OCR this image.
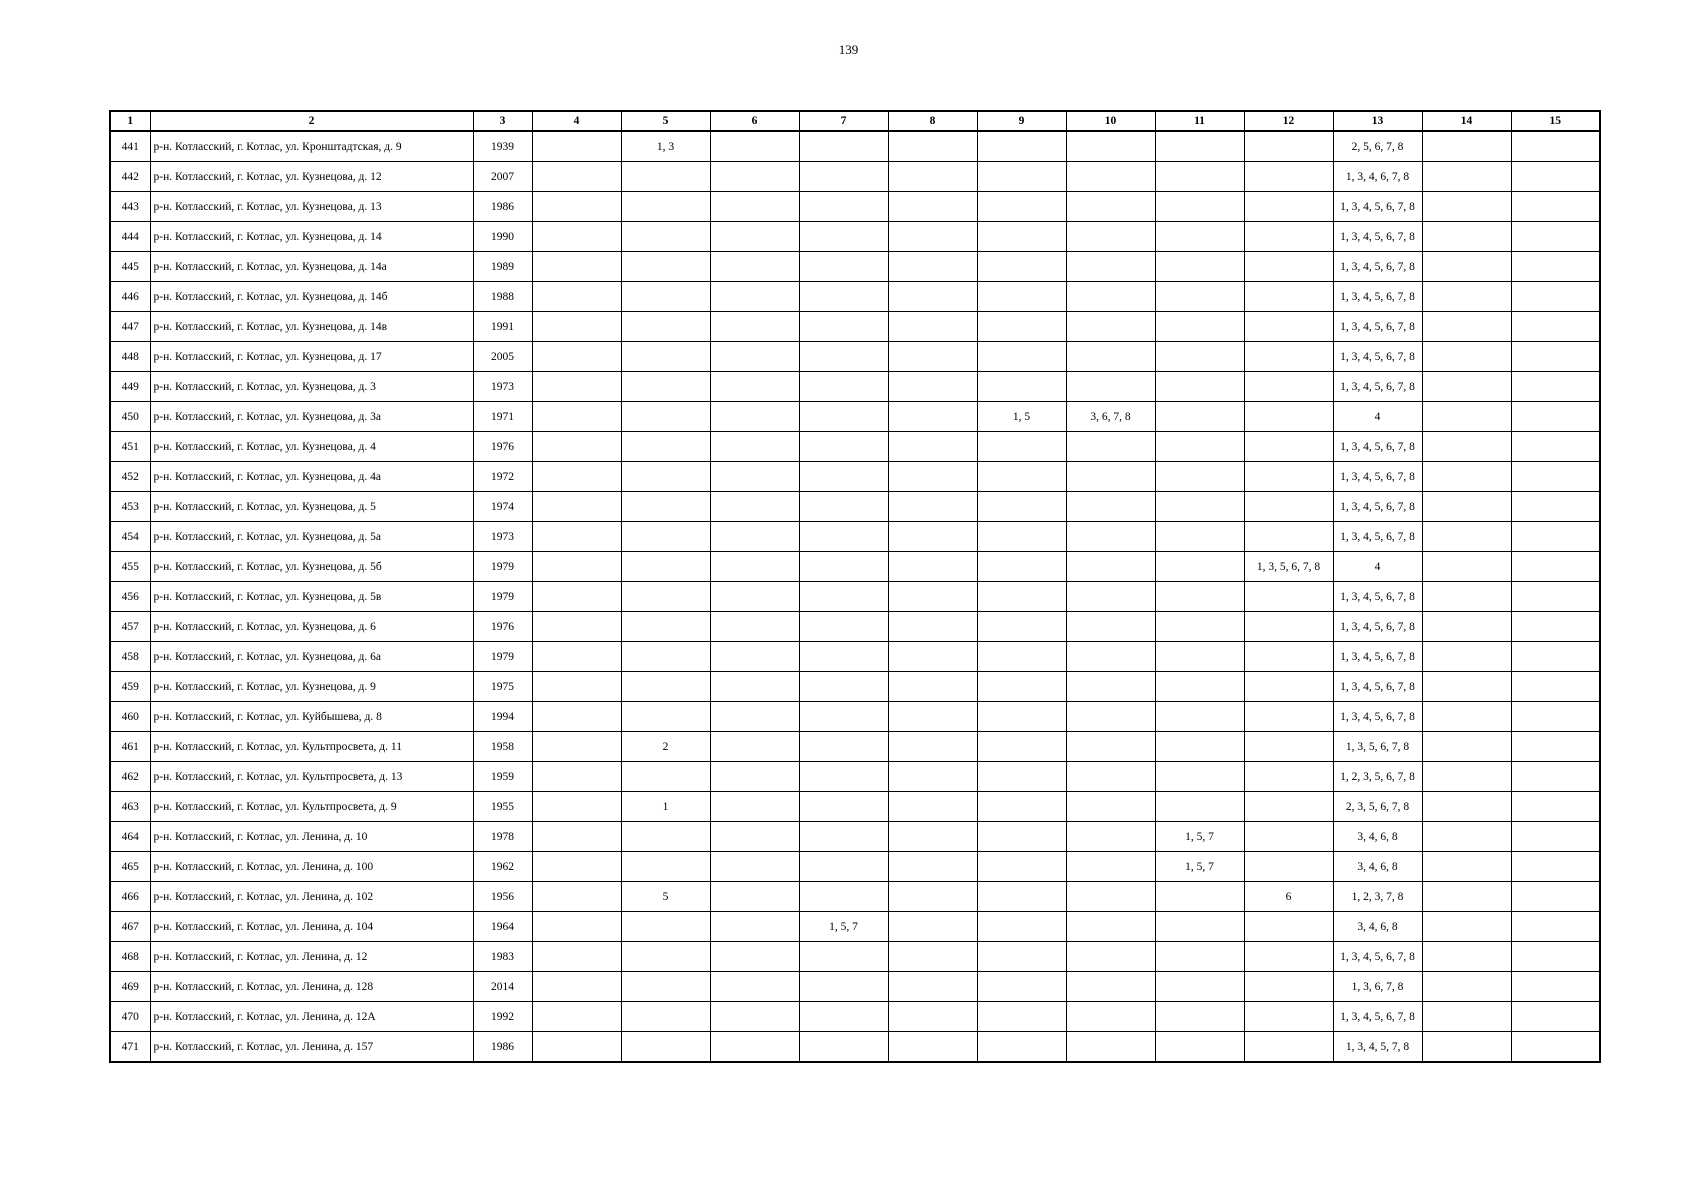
139
1	2	3	4	5	6	7	8	9	10	11	12	13	14	15
441	р-н. Котласский, г. Котлас, ул. Кронштадтская, д. 9	1939		1, 3								2, 5, 6, 7, 8		
442	р-н. Котласский, г. Котлас, ул. Кузнецова, д. 12	2007										1, 3, 4, 6, 7, 8		
443	р-н. Котласский, г. Котлас, ул. Кузнецова, д. 13	1986										1, 3, 4, 5, 6, 7, 8		
444	р-н. Котласский, г. Котлас, ул. Кузнецова, д. 14	1990										1, 3, 4, 5, 6, 7, 8		
445	р-н. Котласский, г. Котлас, ул. Кузнецова, д. 14а	1989										1, 3, 4, 5, 6, 7, 8		
446	р-н. Котласский, г. Котлас, ул. Кузнецова, д. 14б	1988										1, 3, 4, 5, 6, 7, 8		
447	р-н. Котласский, г. Котлас, ул. Кузнецова, д. 14в	1991										1, 3, 4, 5, 6, 7, 8		
448	р-н. Котласский, г. Котлас, ул. Кузнецова, д. 17	2005										1, 3, 4, 5, 6, 7, 8		
449	р-н. Котласский, г. Котлас, ул. Кузнецова, д. 3	1973										1, 3, 4, 5, 6, 7, 8		
450	р-н. Котласский, г. Котлас, ул. Кузнецова, д. 3а	1971						1, 5	3, 6, 7, 8			4		
451	р-н. Котласский, г. Котлас, ул. Кузнецова, д. 4	1976										1, 3, 4, 5, 6, 7, 8		
452	р-н. Котласский, г. Котлас, ул. Кузнецова, д. 4а	1972										1, 3, 4, 5, 6, 7, 8		
453	р-н. Котласский, г. Котлас, ул. Кузнецова, д. 5	1974										1, 3, 4, 5, 6, 7, 8		
454	р-н. Котласский, г. Котлас, ул. Кузнецова, д. 5а	1973										1, 3, 4, 5, 6, 7, 8		
455	р-н. Котласский, г. Котлас, ул. Кузнецова, д. 5б	1979									1, 3, 5, 6, 7, 8	4		
456	р-н. Котласский, г. Котлас, ул. Кузнецова, д. 5в	1979										1, 3, 4, 5, 6, 7, 8		
457	р-н. Котласский, г. Котлас, ул. Кузнецова, д. 6	1976										1, 3, 4, 5, 6, 7, 8		
458	р-н. Котласский, г. Котлас, ул. Кузнецова, д. 6а	1979										1, 3, 4, 5, 6, 7, 8		
459	р-н. Котласский, г. Котлас, ул. Кузнецова, д. 9	1975										1, 3, 4, 5, 6, 7, 8		
460	р-н. Котласский, г. Котлас, ул. Куйбышева, д. 8	1994										1, 3, 4, 5, 6, 7, 8		
461	р-н. Котласский, г. Котлас, ул. Культпросвета, д. 11	1958		2								1, 3, 5, 6, 7, 8		
462	р-н. Котласский, г. Котлас, ул. Культпросвета, д. 13	1959										1, 2, 3, 5, 6, 7, 8		
463	р-н. Котласский, г. Котлас, ул. Культпросвета, д. 9	1955		1								2, 3, 5, 6, 7, 8		
464	р-н. Котласский, г. Котлас, ул. Ленина, д. 10	1978								1, 5, 7		3, 4, 6, 8		
465	р-н. Котласский, г. Котлас, ул. Ленина, д. 100	1962								1, 5, 7		3, 4, 6, 8		
466	р-н. Котласский, г. Котлас, ул. Ленина, д. 102	1956		5							6	1, 2, 3, 7, 8		
467	р-н. Котласский, г. Котлас, ул. Ленина, д. 104	1964				1, 5, 7						3, 4, 6, 8		
468	р-н. Котласский, г. Котлас, ул. Ленина, д. 12	1983										1, 3, 4, 5, 6, 7, 8		
469	р-н. Котласский, г. Котлас, ул. Ленина, д. 128	2014										1, 3, 6, 7, 8		
470	р-н. Котласский, г. Котлас, ул. Ленина, д. 12А	1992										1, 3, 4, 5, 6, 7, 8		
471	р-н. Котласский, г. Котлас, ул. Ленина, д. 157	1986										1, 3, 4, 5, 7, 8		
